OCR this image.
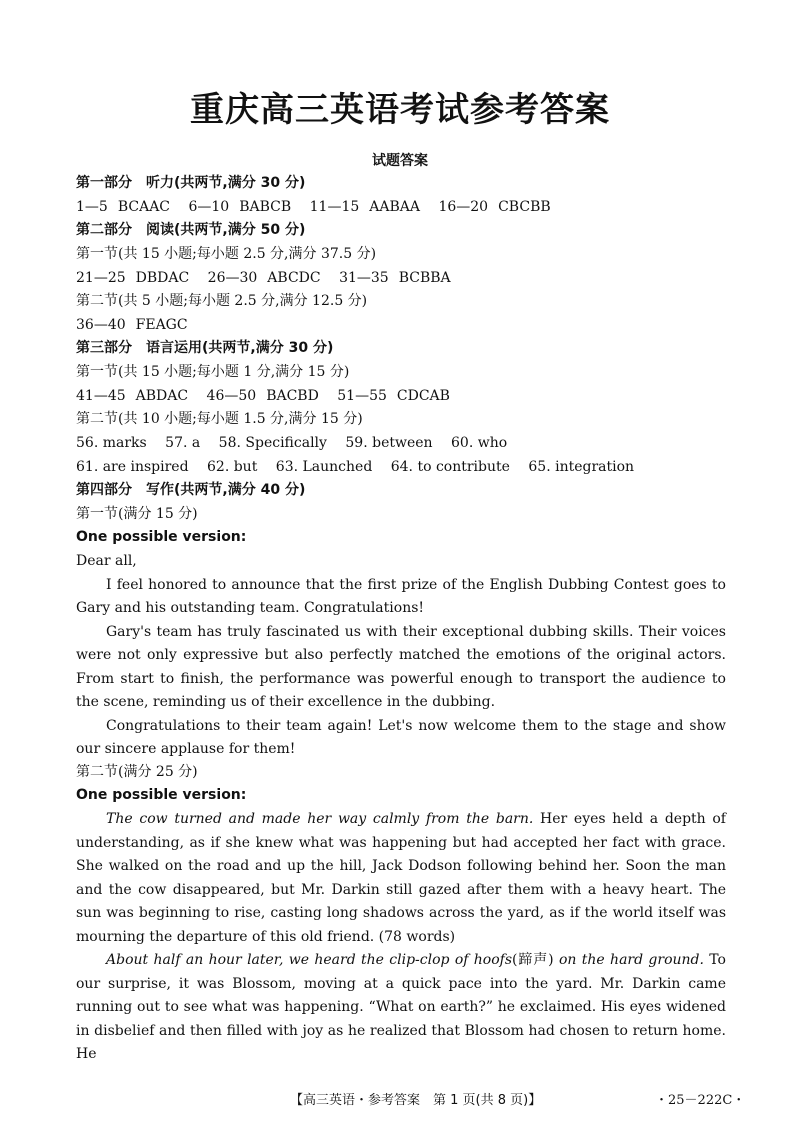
重庆高三英语考试参考答案
试题答案
第一部分　听力(共两节,满分 30 分)
1—5 BCAAC 6—10 BABCB 11—15 AABAA 16—20 CBCBB
第二部分　阅读(共两节,满分 50 分)
第一节(共 15 小题;每小题 2.5 分,满分 37.5 分)
21—25 DBDAC 26—30 ABCDC 31—35 BCBBA
第二节(共 5 小题;每小题 2.5 分,满分 12.5 分)
36—40 FEAGC
第三部分　语言运用(共两节,满分 30 分)
第一节(共 15 小题;每小题 1 分,满分 15 分)
41—45 ABDAC 46—50 BACBD 51—55 CDCAB
第二节(共 10 小题;每小题 1.5 分,满分 15 分)
56. marks 57. a 58. Specifically 59. between 60. who
61. are inspired 62. but 63. Launched 64. to contribute 65. integration
第四部分　写作(共两节,满分 40 分)
第一节(满分 15 分)
One possible version:
Dear all,
I feel honored to announce that the first prize of the English Dubbing Contest goes to Gary and his outstanding team. Congratulations!
Gary's team has truly fascinated us with their exceptional dubbing skills. Their voices were not only expressive but also perfectly matched the emotions of the original actors. From start to finish, the performance was powerful enough to transport the audience to the scene, reminding us of their excellence in the dubbing.
Congratulations to their team again! Let's now welcome them to the stage and show our sincere applause for them!
第二节(满分 25 分)
One possible version:
The cow turned and made her way calmly from the barn. Her eyes held a depth of understanding, as if she knew what was happening but had accepted her fact with grace. She walked on the road and up the hill, Jack Dodson following behind her. Soon the man and the cow disappeared, but Mr. Darkin still gazed after them with a heavy heart. The sun was beginning to rise, casting long shadows across the yard, as if the world itself was mourning the departure of this old friend. (78 words)
About half an hour later, we heard the clip-clop of hoofs(蹄声) on the hard ground. To our surprise, it was Blossom, moving at a quick pace into the yard. Mr. Darkin came running out to see what was happening. “What on earth?” he exclaimed. His eyes widened in disbelief and then filled with joy as he realized that Blossom had chosen to return home. He
【高三英语・参考答案　第 1 页(共 8 页)】	・25－222C・
